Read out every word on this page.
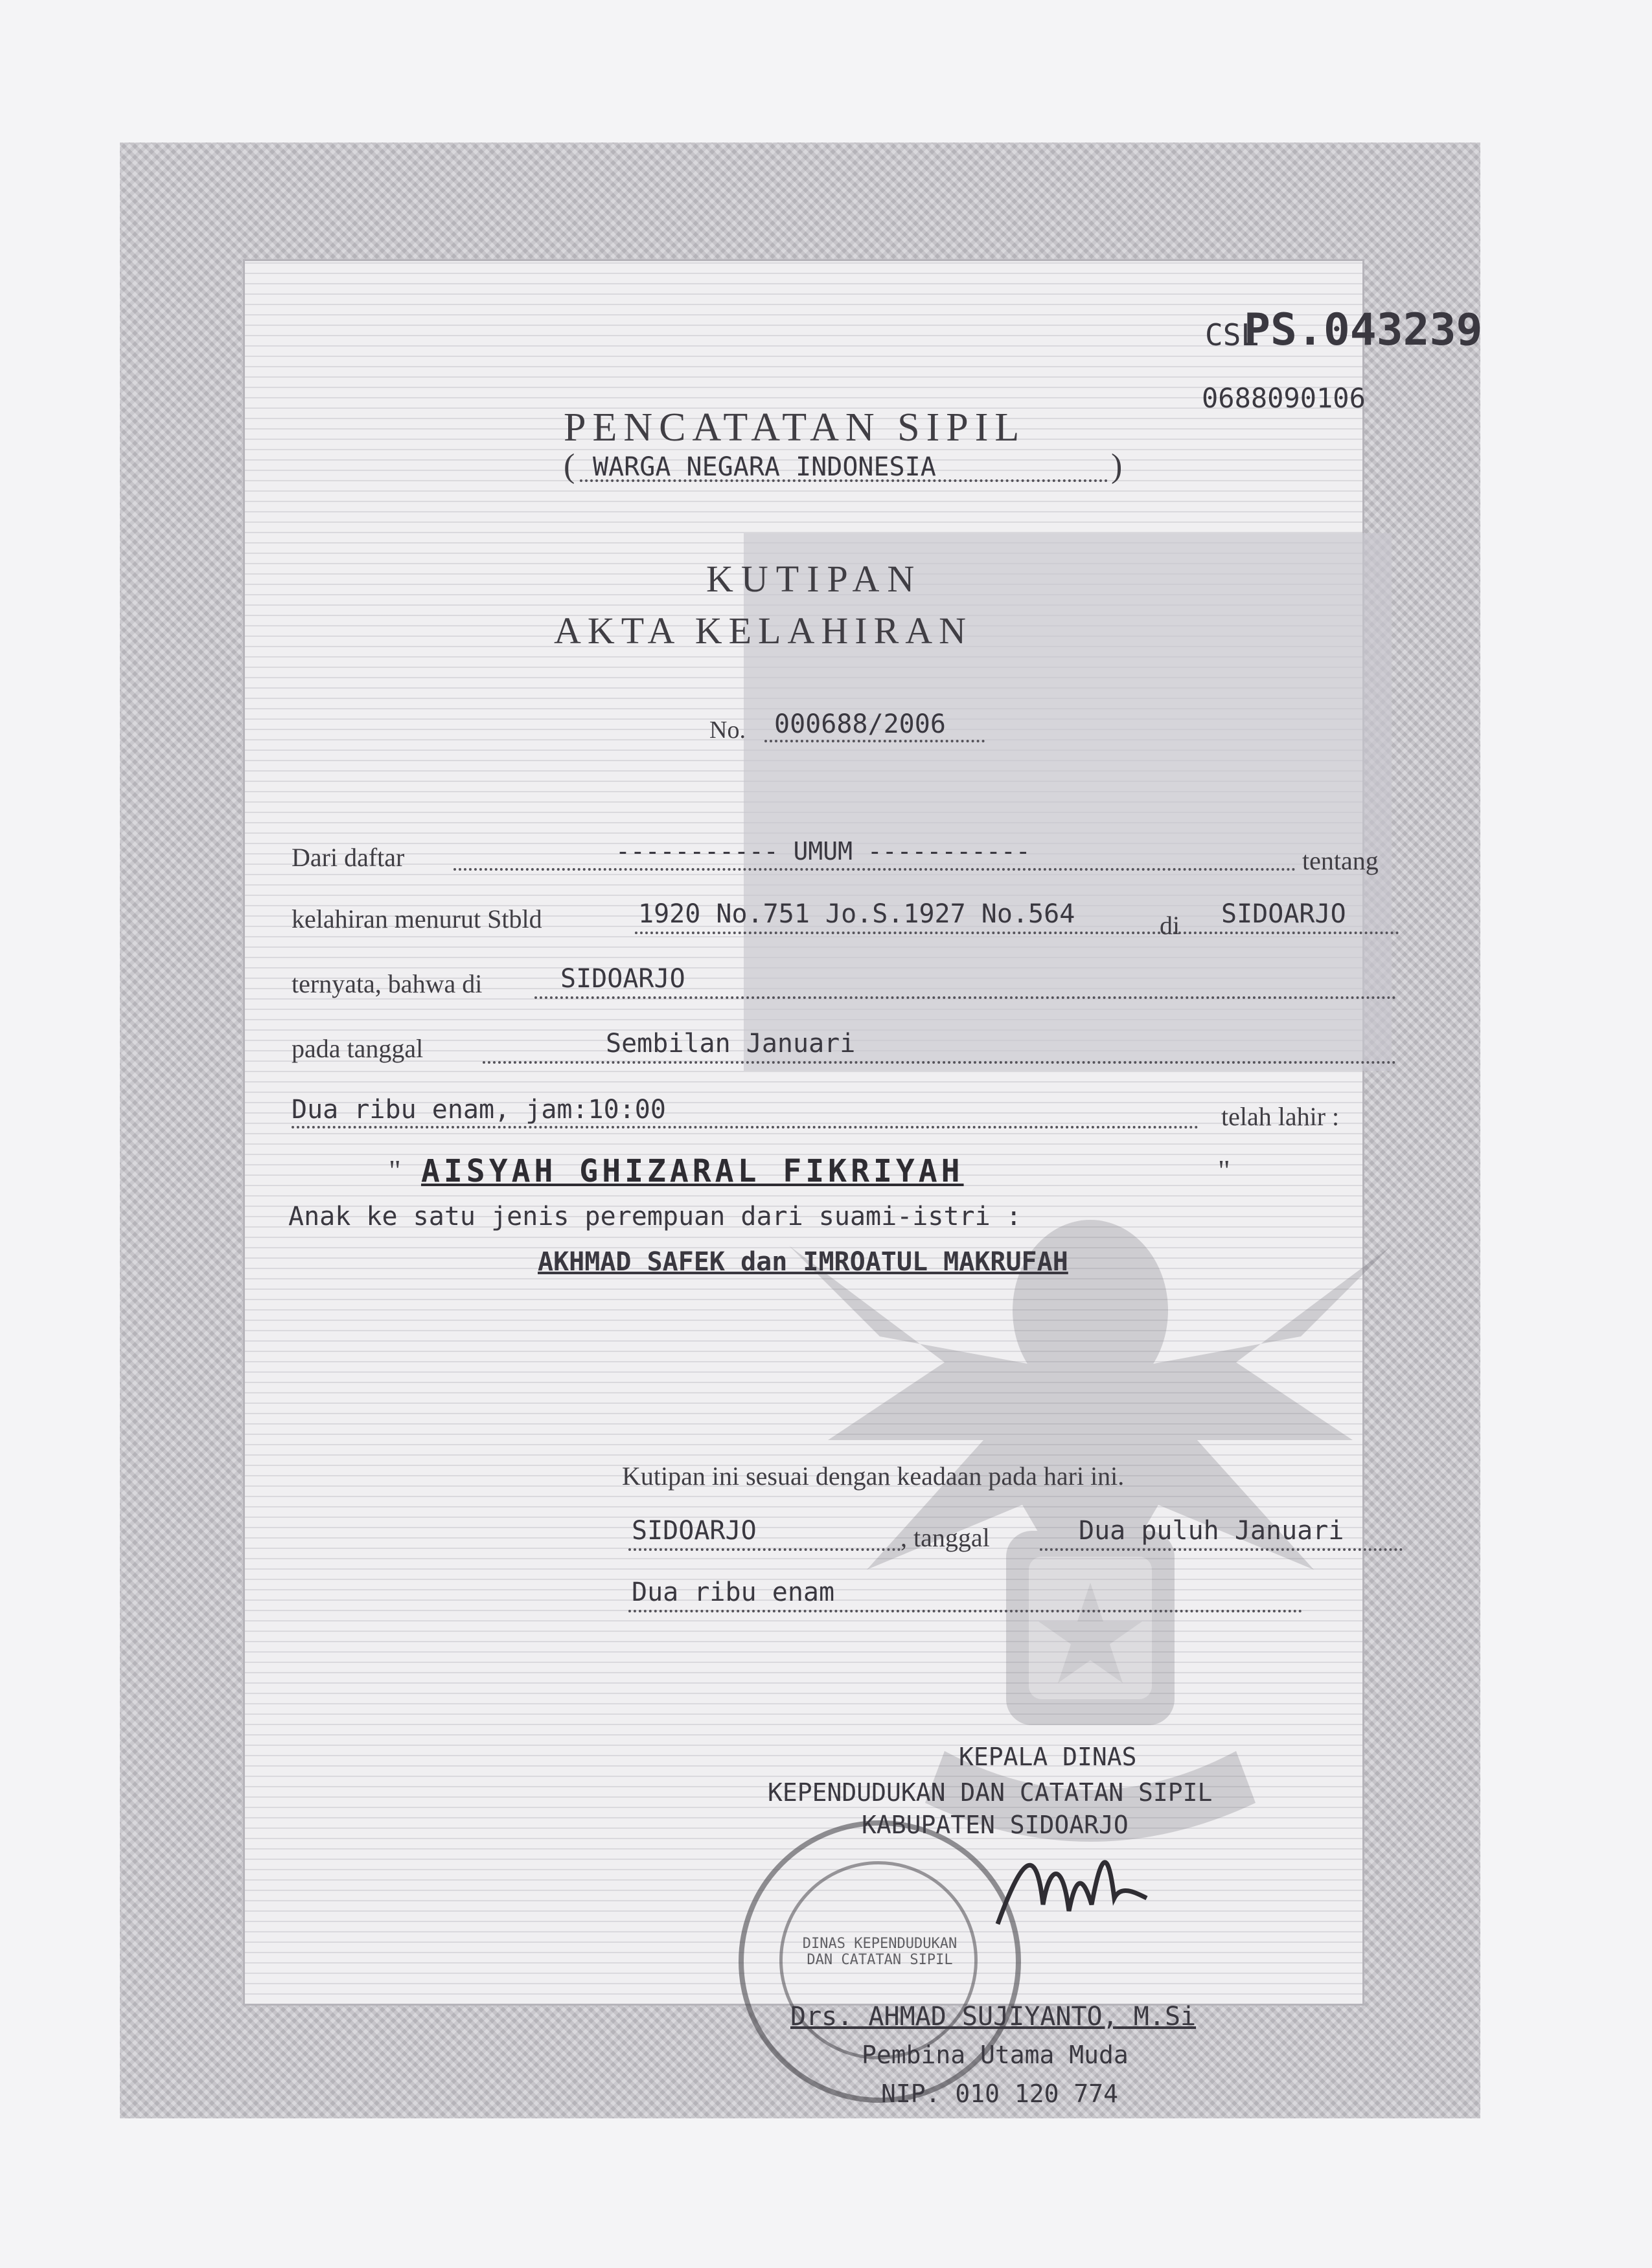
CSL
PS.043239
0688090106
PENCATATAN SIPIL
( WARGA NEGARA INDONESIA	)
KUTIPAN
AKTA KELAHIRAN
No. 000688/2006
Dari daftar	----------- UMUM -----------	tentang
kelahiran menurut Stbld	1920 No.751 Jo.S.1927 No.564	di SIDOARJO
ternyata, bahwa di	SIDOARJO
pada tanggal	Sembilan Januari
Dua ribu enam, jam:10:00	telah lahir :
" AISYAH GHIZARAL FIKRIYAH	"
Anak ke satu jenis perempuan dari suami-istri :
AKHMAD SAFEK dan IMROATUL MAKRUFAH
Kutipan ini sesuai dengan keadaan pada hari ini.
SIDOARJO	, tanggal	Dua puluh Januari
Dua ribu enam
KEPALA DINAS
KEPENDUDUKAN DAN CATATAN SIPIL
KABUPATEN SIDOARJO
DINAS KEPENDUDUKAN DAN CATATAN SIPIL
Drs. AHMAD SUJIYANTO, M.Si
Pembina Utama Muda
NIP. 010 120 774
